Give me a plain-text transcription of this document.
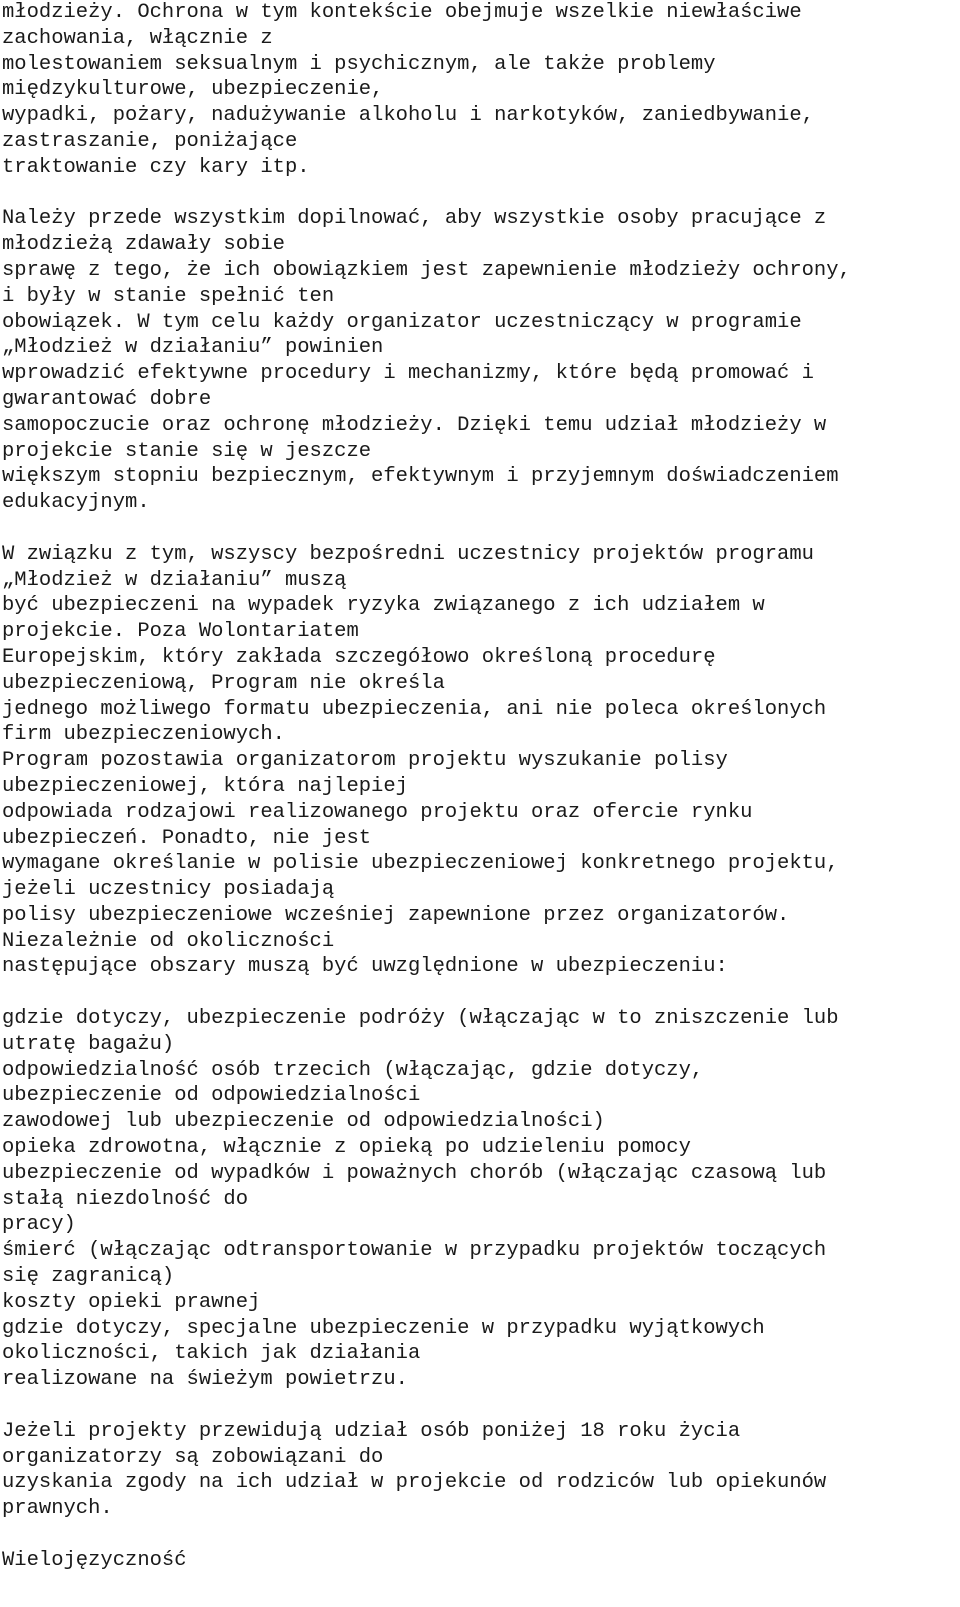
młodzieży. Ochrona w tym kontekście obejmuje wszelkie niewłaściwe
zachowania, włącznie z
molestowaniem seksualnym i psychicznym, ale także problemy
międzykulturowe, ubezpieczenie,
wypadki, pożary, nadużywanie alkoholu i narkotyków, zaniedbywanie,
zastraszanie, poniżające
traktowanie czy kary itp.
Należy przede wszystkim dopilnować, aby wszystkie osoby pracujące z
młodzieżą zdawały sobie
sprawę z tego, że ich obowiązkiem jest zapewnienie młodzieży ochrony,
i były w stanie spełnić ten
obowiązek. W tym celu każdy organizator uczestniczący w programie
„Młodzież w działaniu” powinien
wprowadzić efektywne procedury i mechanizmy, które będą promować i
gwarantować dobre
samopoczucie oraz ochronę młodzieży. Dzięki temu udział młodzieży w
projekcie stanie się w jeszcze
większym stopniu bezpiecznym, efektywnym i przyjemnym doświadczeniem
edukacyjnym.
W związku z tym, wszyscy bezpośredni uczestnicy projektów programu
„Młodzież w działaniu” muszą
być ubezpieczeni na wypadek ryzyka związanego z ich udziałem w
projekcie. Poza Wolontariatem
Europejskim, który zakłada szczegółowo określoną procedurę
ubezpieczeniową, Program nie określa
jednego możliwego formatu ubezpieczenia, ani nie poleca określonych
firm ubezpieczeniowych.
Program pozostawia organizatorom projektu wyszukanie polisy
ubezpieczeniowej, która najlepiej
odpowiada rodzajowi realizowanego projektu oraz ofercie rynku
ubezpieczeń. Ponadto, nie jest
wymagane określanie w polisie ubezpieczeniowej konkretnego projektu,
jeżeli uczestnicy posiadają
polisy ubezpieczeniowe wcześniej zapewnione przez organizatorów.
Niezależnie od okoliczności
następujące obszary muszą być uwzględnione w ubezpieczeniu:
gdzie dotyczy, ubezpieczenie podróży (włączając w to zniszczenie lub
utratę bagażu)
odpowiedzialność osób trzecich (włączając, gdzie dotyczy,
ubezpieczenie od odpowiedzialności
zawodowej lub ubezpieczenie od odpowiedzialności)
opieka zdrowotna, włącznie z opieką po udzieleniu pomocy
ubezpieczenie od wypadków i poważnych chorób (włączając czasową lub
stałą niezdolność do
pracy)
śmierć (włączając odtransportowanie w przypadku projektów toczących
się zagranicą)
koszty opieki prawnej
gdzie dotyczy, specjalne ubezpieczenie w przypadku wyjątkowych
okoliczności, takich jak działania
realizowane na świeżym powietrzu.
Jeżeli projekty przewidują udział osób poniżej 18 roku życia
organizatorzy są zobowiązani do
uzyskania zgody na ich udział w projekcie od rodziców lub opiekunów
prawnych.
Wielojęzyczność
